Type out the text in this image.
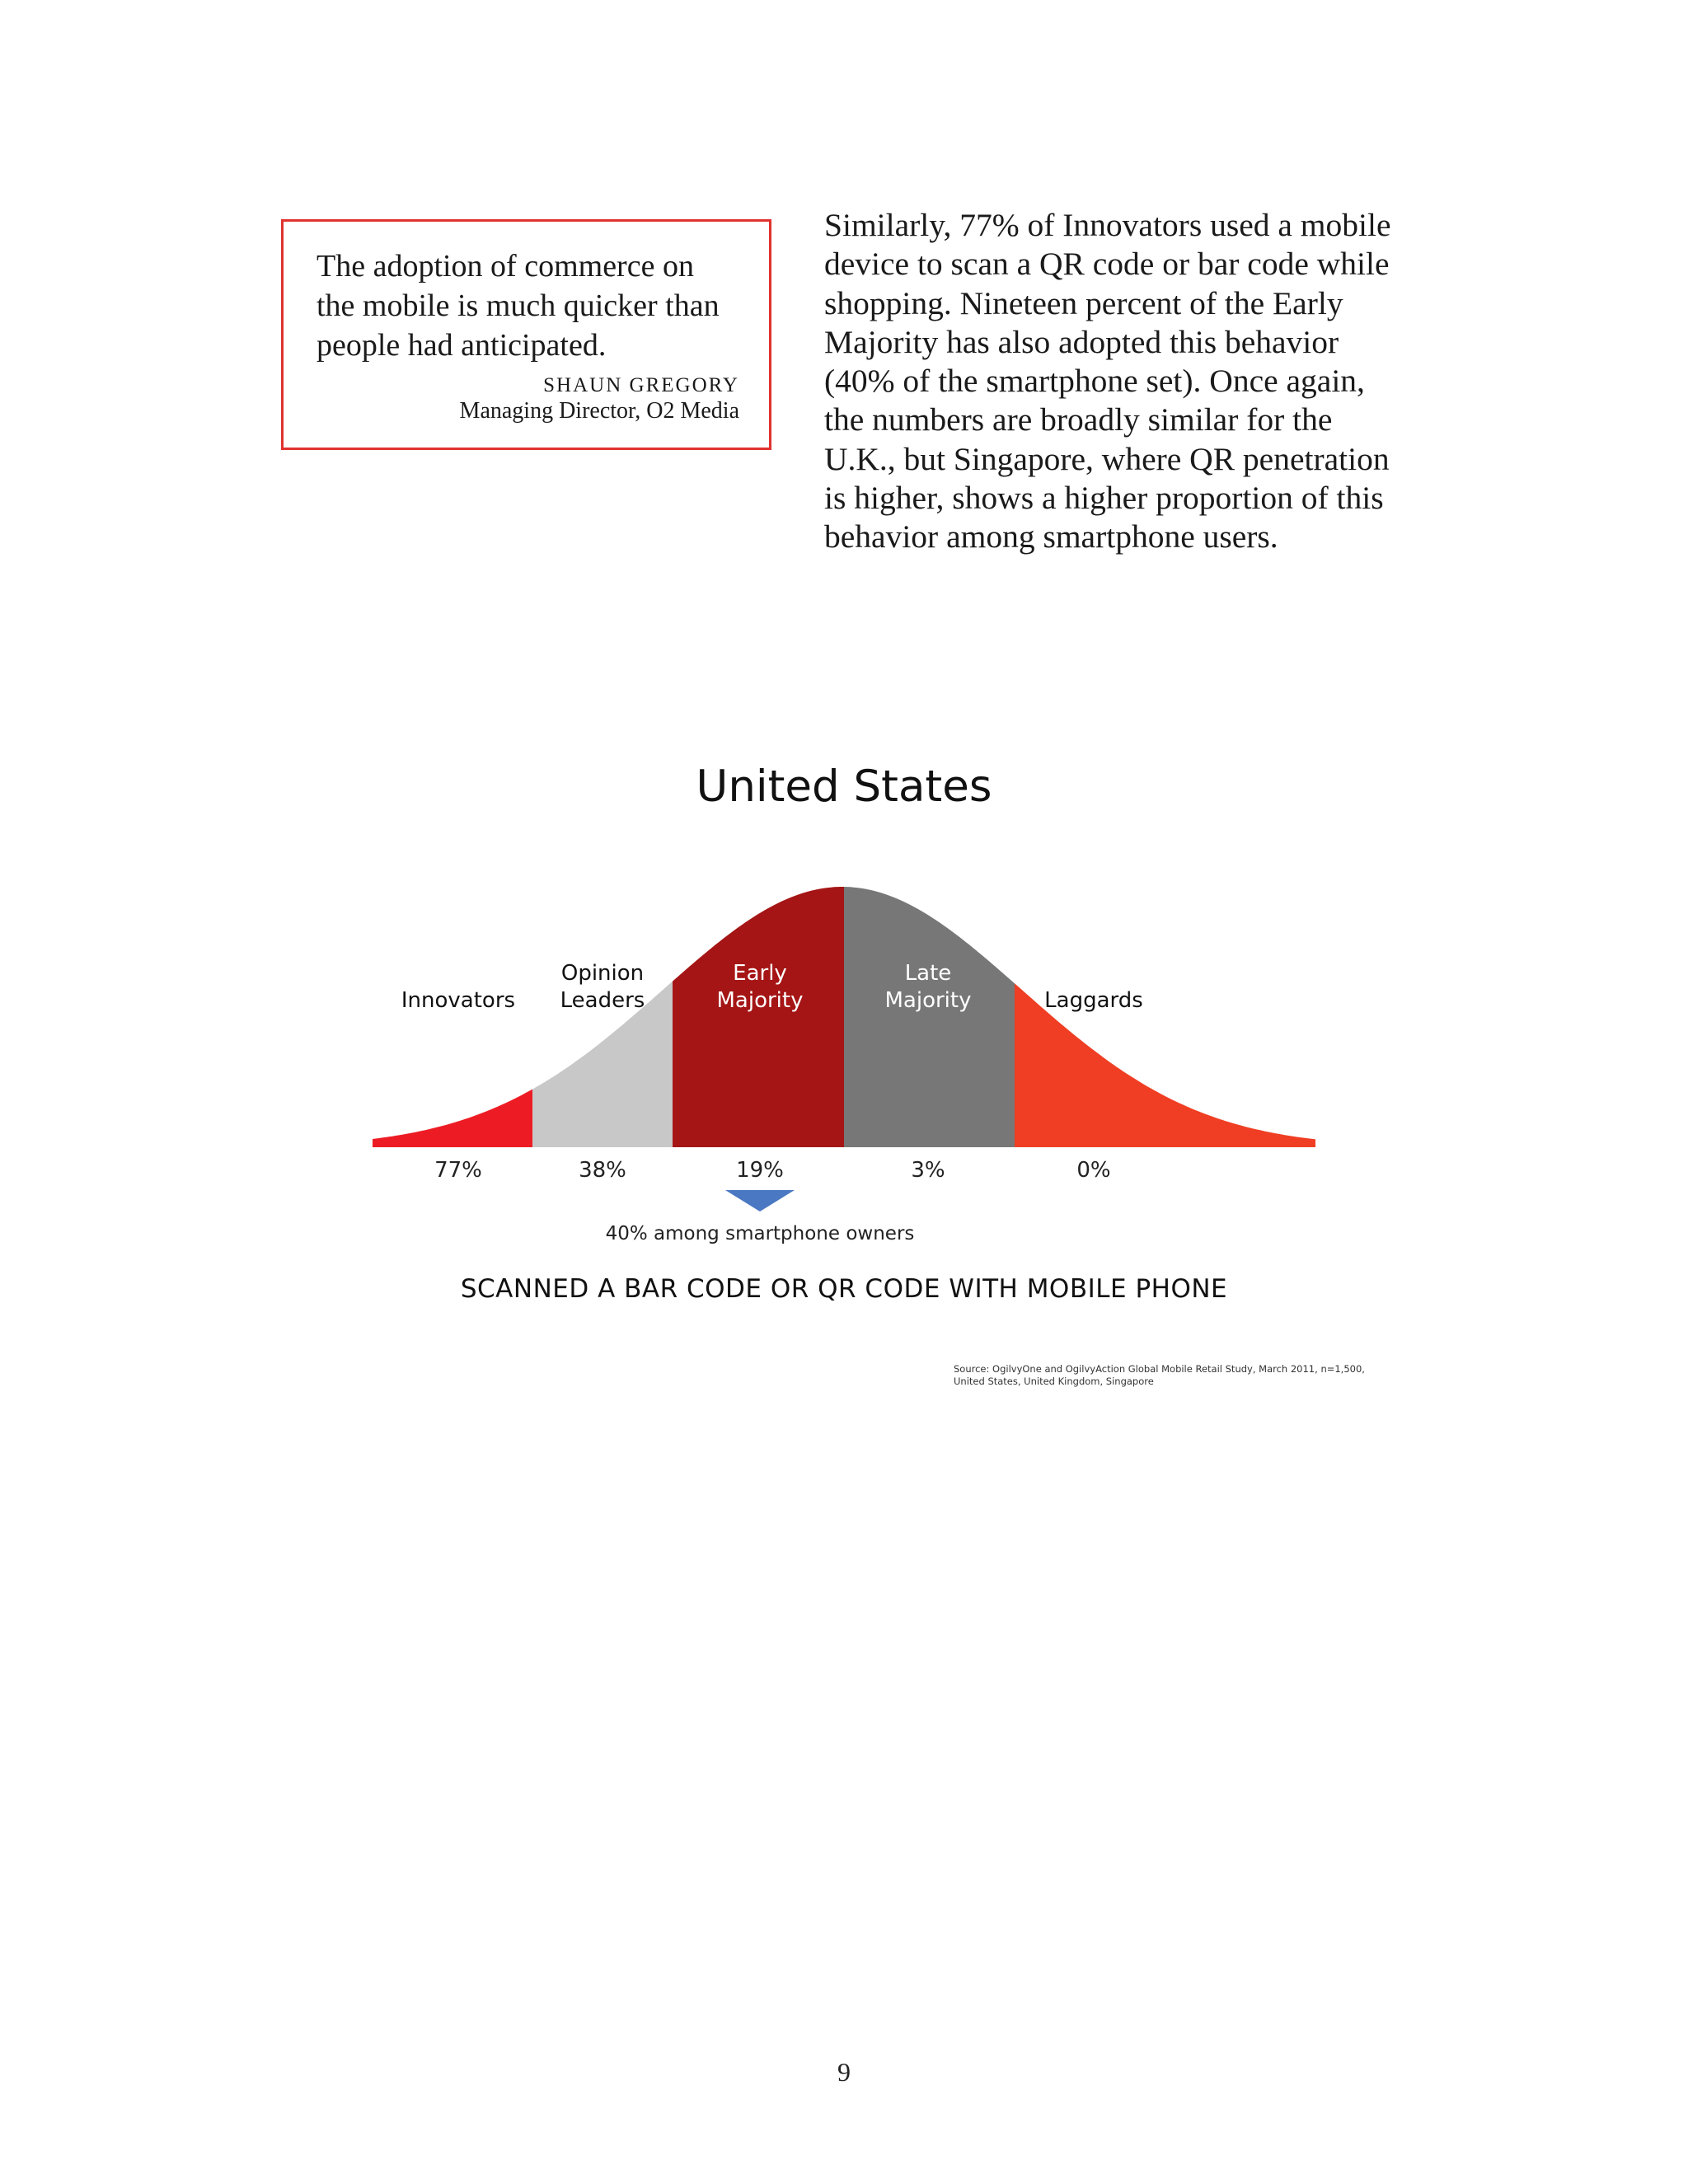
The adoption of commerce on the mobile is much quicker than people had anticipated.

SHAUN GREGORY
Managing Director, O2 Media

Similarly, 77% of Innovators used a mobile
device to scan a QR code or bar code while
shopping. Nineteen percent of the Early
Majority has also adopted this behavior
(40% of the smartphone set). Once again,
the numbers are broadly similar for the
U.K., but Singapore, where QR penetration
is higher, shows a higher proportion of this
behavior among smartphone users.

United States
Innovators
77%
Opinion Leaders
38%
Early Majority
19%
Late Majority
3%
Laggards
0%
40% among smartphone owners
SCANNED A BAR CODE OR QR CODE WITH MOBILE PHONE
Source: OgilvyOne and OgilvyAction Global Mobile Retail Study, March 2011, n=1,500, United States, United Kingdom, Singapore
9
